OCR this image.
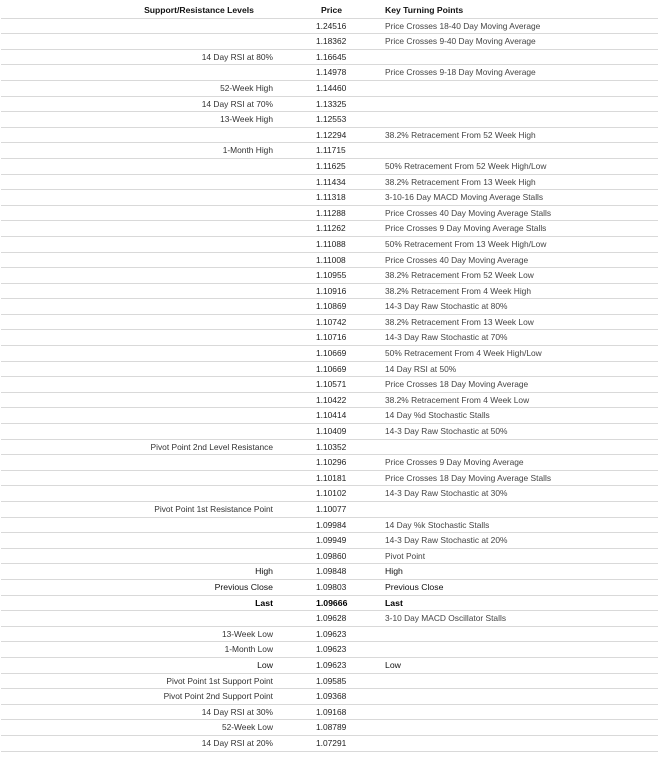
Support/Resistance Levels		Price	Key Turning Points
		1.24516	Price Crosses 18-40 Day Moving Average
		1.18362	Price Crosses 9-40 Day Moving Average
14 Day RSI at 80%		1.16645	
		1.14978	Price Crosses 9-18 Day Moving Average
52-Week High		1.14460	
14 Day RSI at 70%		1.13325	
13-Week High		1.12553	
		1.12294	38.2% Retracement From 52 Week High
1-Month High		1.11715	
		1.11625	50% Retracement From 52 Week High/Low
		1.11434	38.2% Retracement From 13 Week High
		1.11318	3-10-16 Day MACD Moving Average Stalls
		1.11288	Price Crosses 40 Day Moving Average Stalls
		1.11262	Price Crosses 9 Day Moving Average Stalls
		1.11088	50% Retracement From 13 Week High/Low
		1.11008	Price Crosses 40 Day Moving Average
		1.10955	38.2% Retracement From 52 Week Low
		1.10916	38.2% Retracement From 4 Week High
		1.10869	14-3 Day Raw Stochastic at 80%
		1.10742	38.2% Retracement From 13 Week Low
		1.10716	14-3 Day Raw Stochastic at 70%
		1.10669	50% Retracement From 4 Week High/Low
		1.10669	14 Day RSI at 50%
		1.10571	Price Crosses 18 Day Moving Average
		1.10422	38.2% Retracement From 4 Week Low
		1.10414	14 Day %d Stochastic Stalls
		1.10409	14-3 Day Raw Stochastic at 50%
Pivot Point 2nd Level Resistance		1.10352	
		1.10296	Price Crosses 9 Day Moving Average
		1.10181	Price Crosses 18 Day Moving Average Stalls
		1.10102	14-3 Day Raw Stochastic at 30%
Pivot Point 1st Resistance Point		1.10077	
		1.09984	14 Day %k Stochastic Stalls
		1.09949	14-3 Day Raw Stochastic at 20%
		1.09860	Pivot Point
High		1.09848	High
Previous Close		1.09803	Previous Close
Last		1.09666	Last
		1.09628	3-10 Day MACD Oscillator Stalls
13-Week Low		1.09623	
1-Month Low		1.09623	
Low		1.09623	Low
Pivot Point 1st Support Point		1.09585	
Pivot Point 2nd Support Point		1.09368	
14 Day RSI at 30%		1.09168	
52-Week Low		1.08789	
14 Day RSI at 20%		1.07291	
